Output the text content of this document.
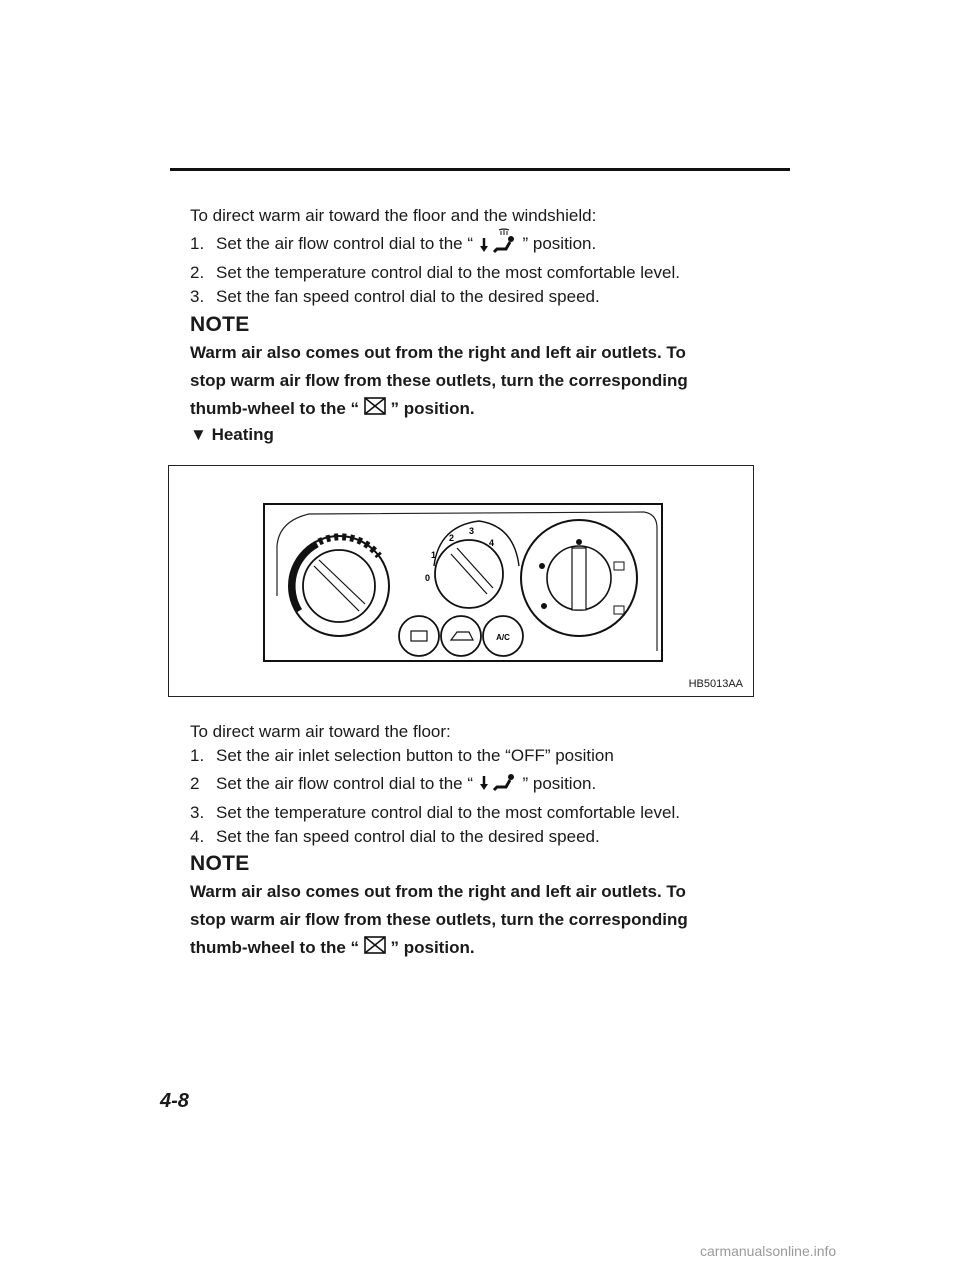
To direct warm air toward the floor and the windshield:

1. Set the air flow control dial to the “	” position.

2. Set the temperature control dial to the most comfortable level.

3. Set the fan speed control dial to the desired speed.

NOTE

Warm air also comes out from the right and left air outlets. To

stop warm air flow from these outlets, turn the corresponding

thumb-wheel to the “ ” position.

▼ Heating

0
1
2
3
4
A/C
HB5013AA

To direct warm air toward the floor:

1. Set the air inlet selection button to the “OFF” position

2 Set the air flow control dial to the “	” position.

3. Set the temperature control dial to the most comfortable level.

4. Set the fan speed control dial to the desired speed.

NOTE

Warm air also comes out from the right and left air outlets. To

stop warm air flow from these outlets, turn the corresponding

thumb-wheel to the “ ” position.

4-8
carmanualsonline.info
